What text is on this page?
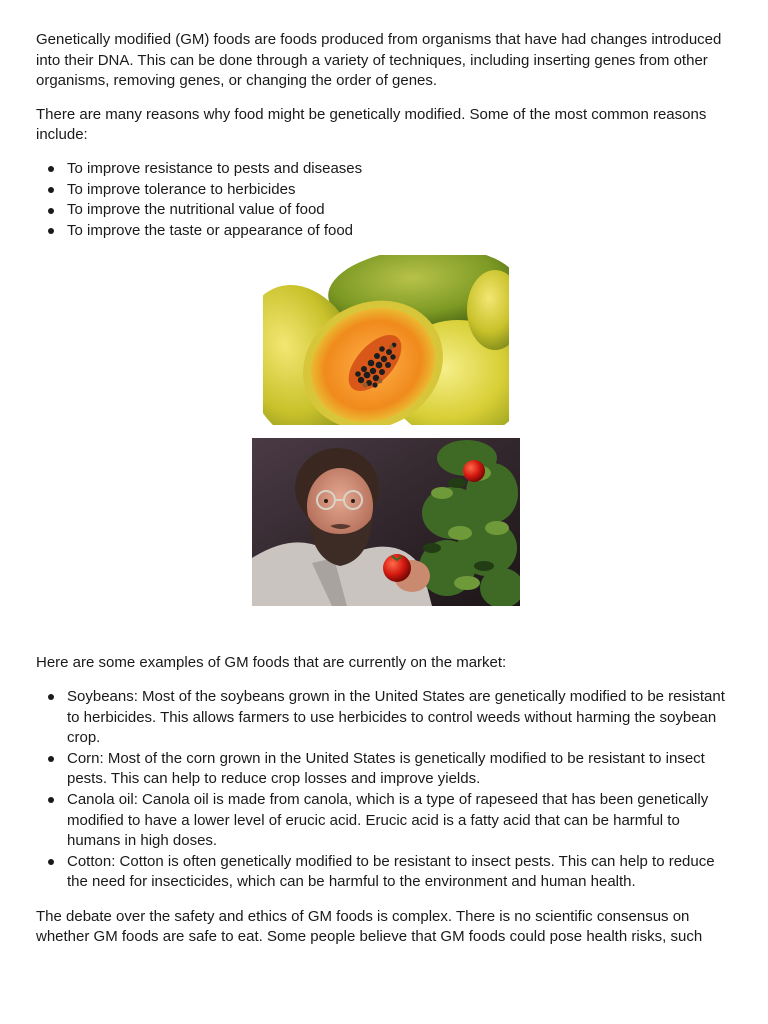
Genetically modified (GM) foods are foods produced from organisms that have had changes introduced into their DNA. This can be done through a variety of techniques, including inserting genes from other organisms, removing genes, or changing the order of genes.

There are many reasons why food might be genetically modified. Some of the most common reasons include:

To improve resistance to pests and diseases
To improve tolerance to herbicides
To improve the nutritional value of food
To improve the taste or appearance of food

Here are some examples of GM foods that are currently on the market:

Soybeans: Most of the soybeans grown in the United States are genetically modified to be resistant to herbicides. This allows farmers to use herbicides to control weeds without harming the soybean crop.
Corn: Most of the corn grown in the United States is genetically modified to be resistant to insect pests. This can help to reduce crop losses and improve yields.
Canola oil: Canola oil is made from canola, which is a type of rapeseed that has been genetically modified to have a lower level of erucic acid. Erucic acid is a fatty acid that can be harmful to humans in high doses.
Cotton: Cotton is often genetically modified to be resistant to insect pests. This can help to reduce the need for insecticides, which can be harmful to the environment and human health.

The debate over the safety and ethics of GM foods is complex. There is no scientific consensus on whether GM foods are safe to eat. Some people believe that GM foods could pose health risks, such
